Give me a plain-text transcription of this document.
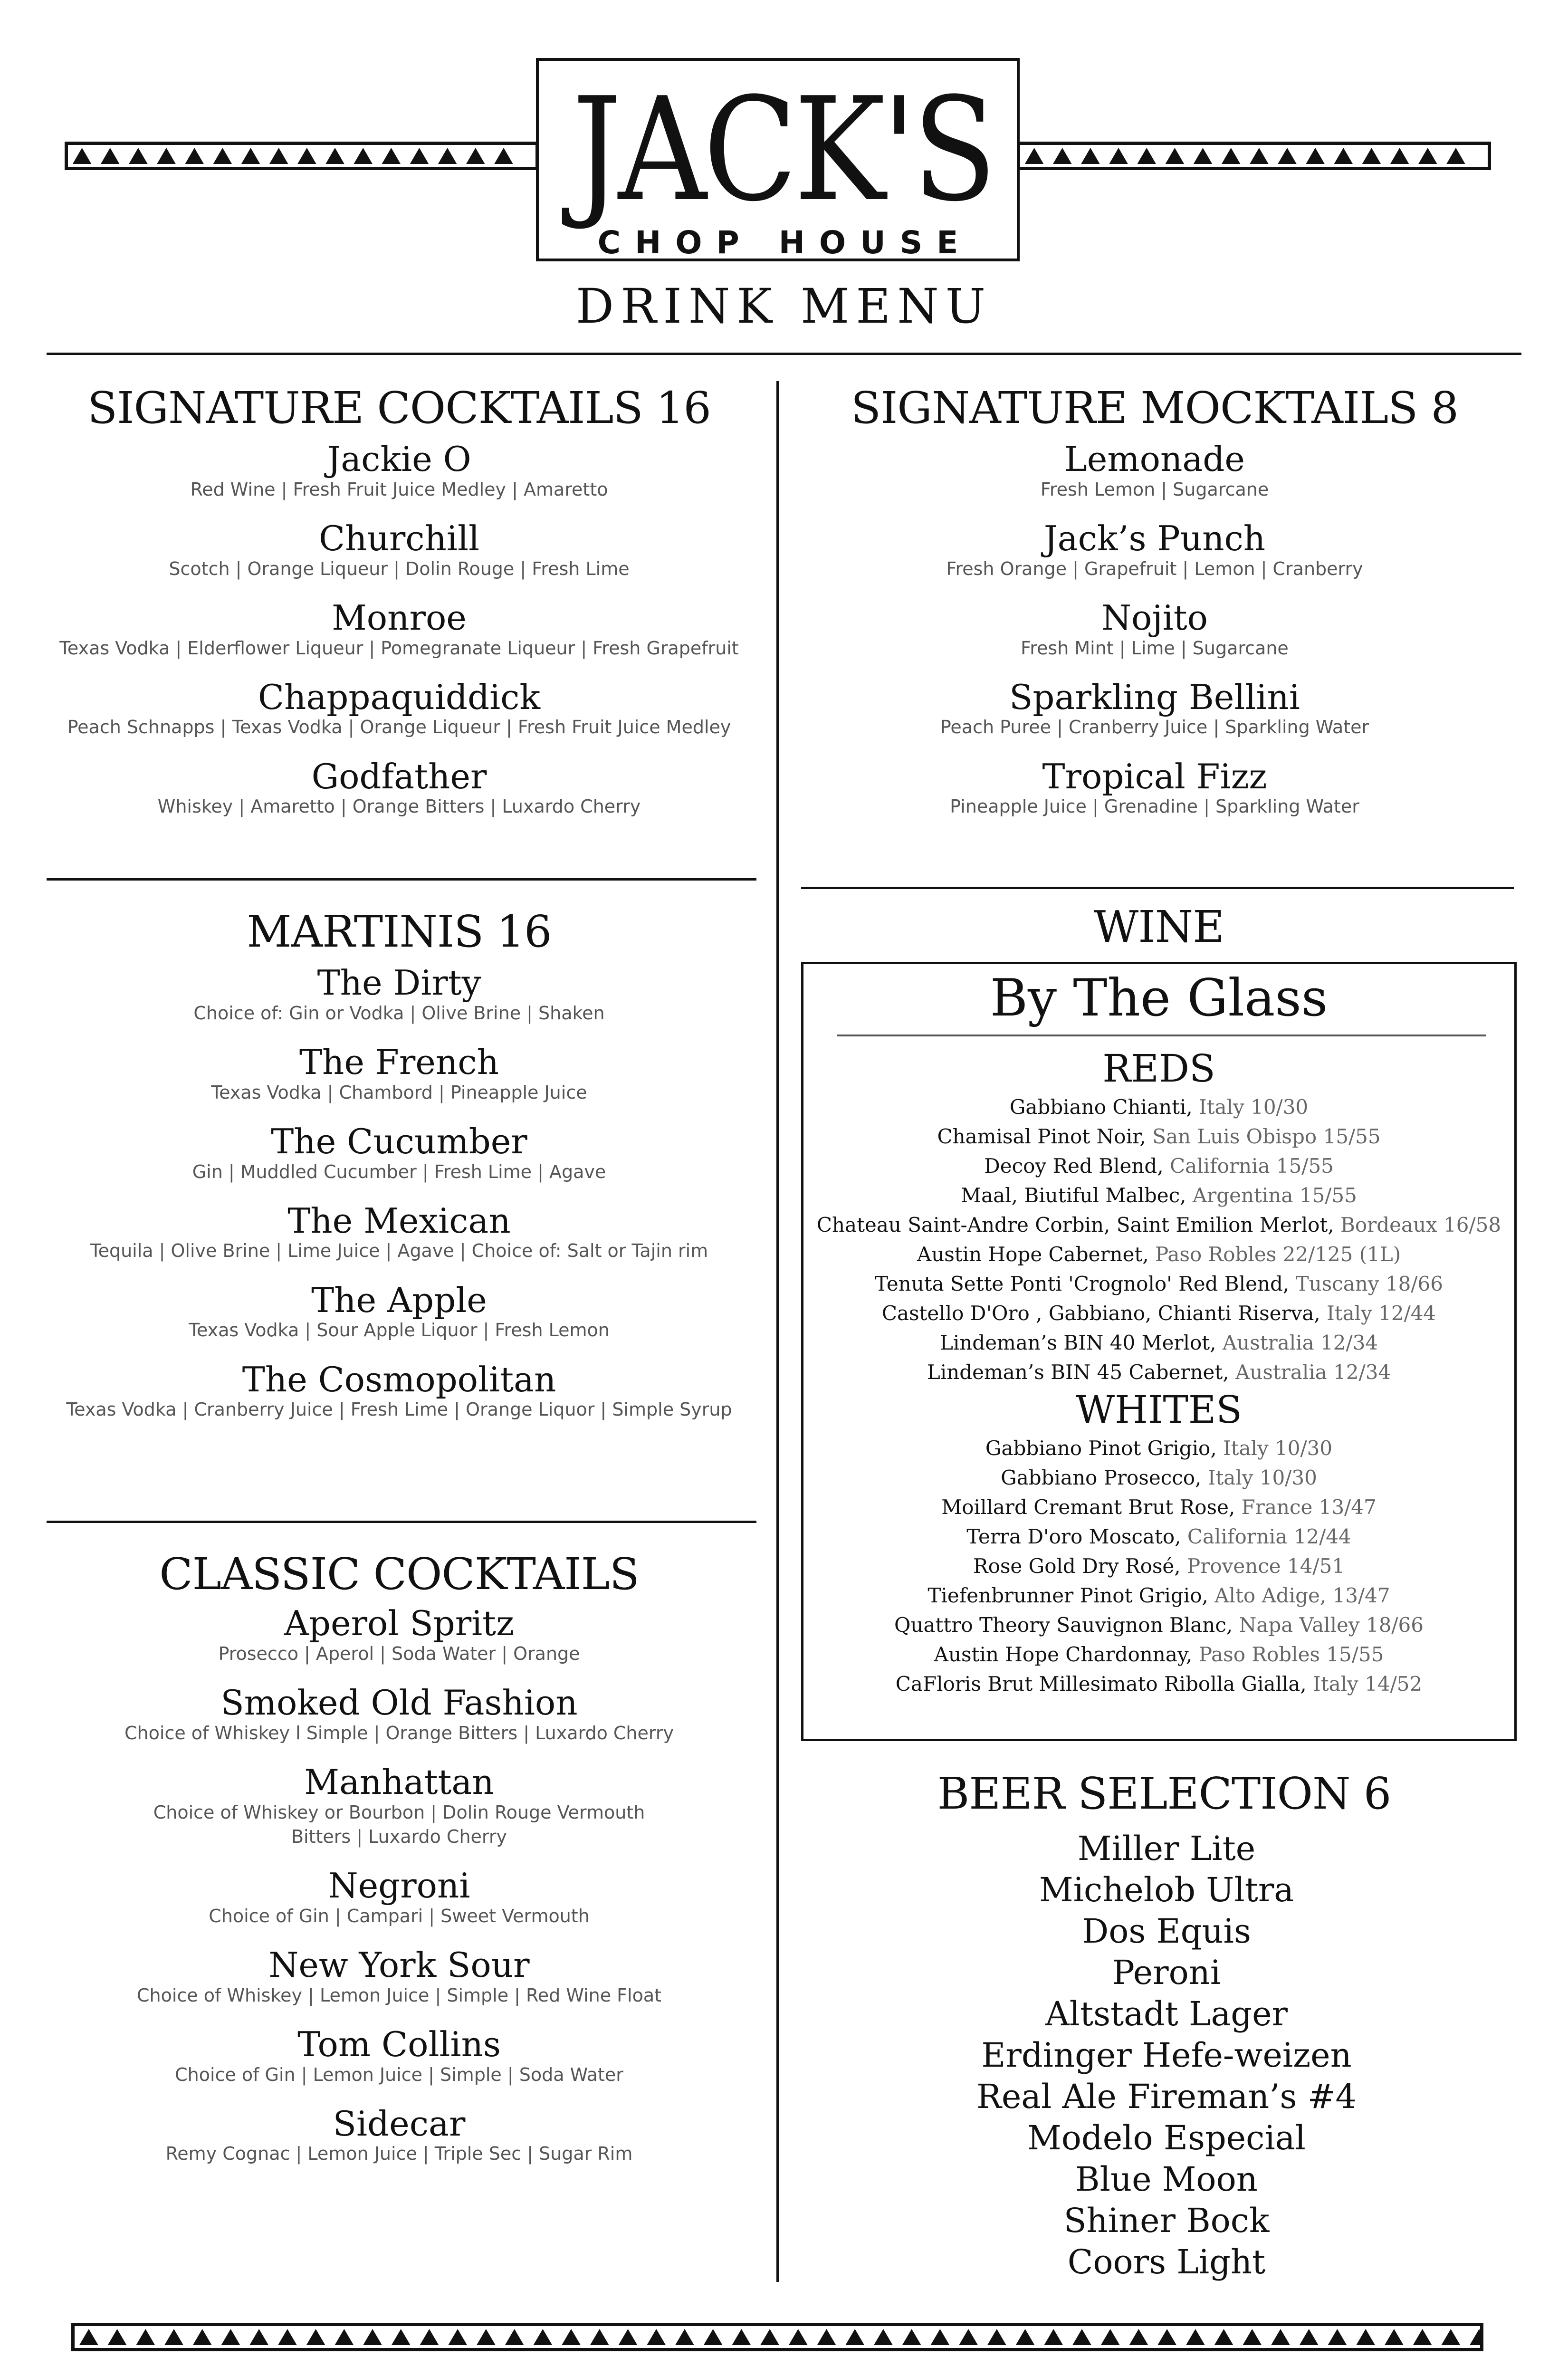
JACK'S
CHOP HOUSE
DRINK MENU
SIGNATURE COCKTAILS 16
Jackie O
Red Wine | Fresh Fruit Juice Medley | Amaretto
Churchill
Scotch | Orange Liqueur | Dolin Rouge | Fresh Lime
Monroe
Texas Vodka | Elderflower Liqueur | Pomegranate Liqueur | Fresh Grapefruit
Chappaquiddick
Peach Schnapps | Texas Vodka | Orange Liqueur | Fresh Fruit Juice Medley
Godfather
Whiskey | Amaretto | Orange Bitters | Luxardo Cherry
MARTINIS 16
The Dirty
Choice of: Gin or Vodka | Olive Brine | Shaken
The French
Texas Vodka | Chambord | Pineapple Juice
The Cucumber
Gin | Muddled Cucumber | Fresh Lime | Agave
The Mexican
Tequila | Olive Brine | Lime Juice | Agave | Choice of: Salt or Tajin rim
The Apple
Texas Vodka | Sour Apple Liquor | Fresh Lemon
The Cosmopolitan
Texas Vodka | Cranberry Juice | Fresh Lime | Orange Liquor | Simple Syrup
CLASSIC COCKTAILS
Aperol Spritz
Prosecco | Aperol | Soda Water | Orange
Smoked Old Fashion
Choice of Whiskey l Simple | Orange Bitters | Luxardo Cherry
Manhattan
Choice of Whiskey or Bourbon | Dolin Rouge Vermouth
Bitters | Luxardo Cherry
Negroni
Choice of Gin | Campari | Sweet Vermouth
New York Sour
Choice of Whiskey | Lemon Juice | Simple | Red Wine Float
Tom Collins
Choice of Gin | Lemon Juice | Simple | Soda Water
Sidecar
Remy Cognac | Lemon Juice | Triple Sec | Sugar Rim
SIGNATURE MOCKTAILS 8
Lemonade
Fresh Lemon | Sugarcane
Jack’s Punch
Fresh Orange | Grapefruit | Lemon | Cranberry
Nojito
Fresh Mint | Lime | Sugarcane
Sparkling Bellini
Peach Puree | Cranberry Juice | Sparkling Water
Tropical Fizz
Pineapple Juice | Grenadine | Sparkling Water
WINE
By The Glass
REDS
Gabbiano Chianti, Italy 10/30
Chamisal Pinot Noir, San Luis Obispo 15/55
Decoy Red Blend, California 15/55
Maal, Biutiful Malbec, Argentina 15/55
Chateau Saint-Andre Corbin, Saint Emilion Merlot, Bordeaux 16/58
Austin Hope Cabernet, Paso Robles 22/125 (1L)
Tenuta Sette Ponti 'Crognolo' Red Blend, Tuscany 18/66
Castello D'Oro , Gabbiano, Chianti Riserva, Italy 12/44
Lindeman’s BIN 40 Merlot, Australia 12/34
Lindeman’s BIN 45 Cabernet, Australia 12/34
WHITES
Gabbiano Pinot Grigio, Italy 10/30
Gabbiano Prosecco, Italy 10/30
Moillard Cremant Brut Rose, France 13/47
Terra D'oro Moscato, California 12/44
Rose Gold Dry Rosé, Provence 14/51
Tiefenbrunner Pinot Grigio, Alto Adige, 13/47
Quattro Theory Sauvignon Blanc, Napa Valley 18/66
Austin Hope Chardonnay, Paso Robles 15/55
CaFloris Brut Millesimato Ribolla Gialla, Italy 14/52
BEER SELECTION 6
Miller Lite
Michelob Ultra
Dos Equis
Peroni
Altstadt Lager
Erdinger Hefe-weizen
Real Ale Fireman’s #4
Modelo Especial
Blue Moon
Shiner Bock
Coors Light
